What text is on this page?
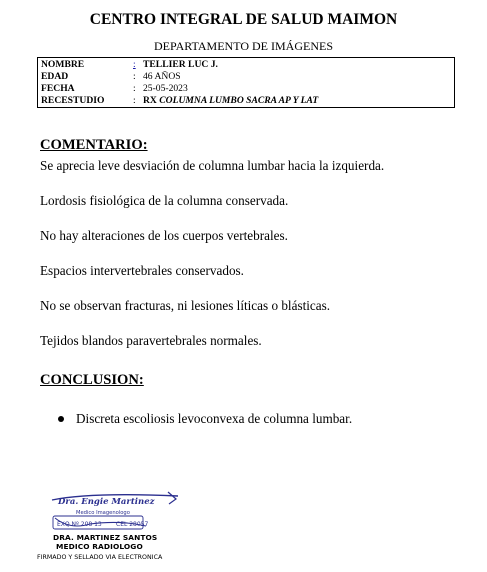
CENTRO INTEGRAL DE SALUD MAIMON
DEPARTAMENTO DE IMÁGENES
NOMBRE	: TELLIER LUC J.
EDAD	: 46 AÑOS
FECHA	: 25-05-2023
RECESTUDIO	: RX COLUMNA LUMBO SACRA AP Y LAT
COMENTARIO:
Se aprecia leve desviación de columna lumbar hacia la izquierda.
Lordosis fisiológica de la columna conservada.
No hay alteraciones de los cuerpos vertebrales.
Espacios intervertebrales conservados.
No se observan fracturas, ni lesiones líticas o blásticas.
Tejidos blandos paravertebrales normales.
CONCLUSION:
Discreta escoliosis levoconvexa de columna lumbar.
Dra. Engie Martinez
Medico Imagenologo
EXQ Nº 208 13 CEL 28057
DRA. MARTINEZ SANTOS
MEDICO RADIOLOGO
FIRMADO Y SELLADO VIA ELECTRONICA
